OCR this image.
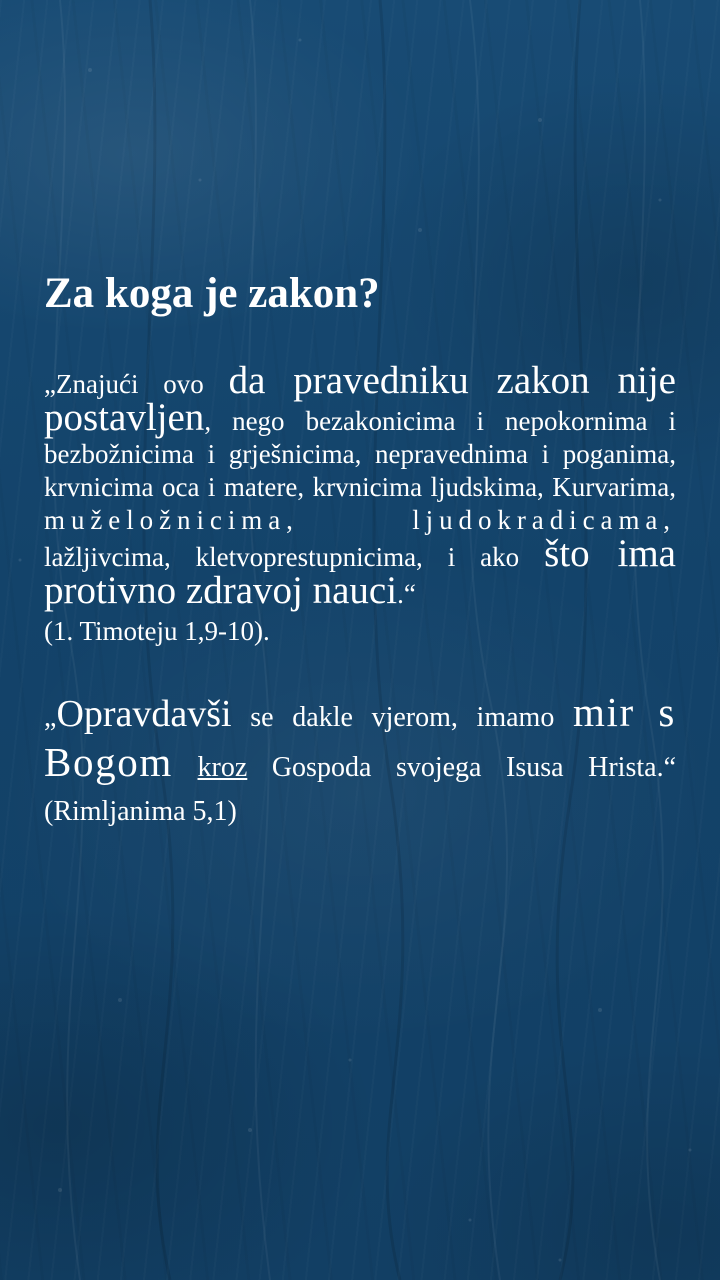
Za koga je zakon?

„Znajući ovo da pravedniku zakon nije postavljen, nego bezakonicima i nepokornima i bezbožnicima i grješnicima, nepravednima i poganima, krvnicima oca i matere, krvnicima ljudskima, Kurvarima, muželožnicima, ljudokradicama, lažljivcima, kletvoprestupnicima, i ako što ima protivno zdravoj nauci.“

(1. Timoteju 1,9-10).

„Opravdavši se dakle vjerom, imamo mir s Bogom kroz Gospoda svojega Isusa Hrista.“ (Rimljanima 5,1)
